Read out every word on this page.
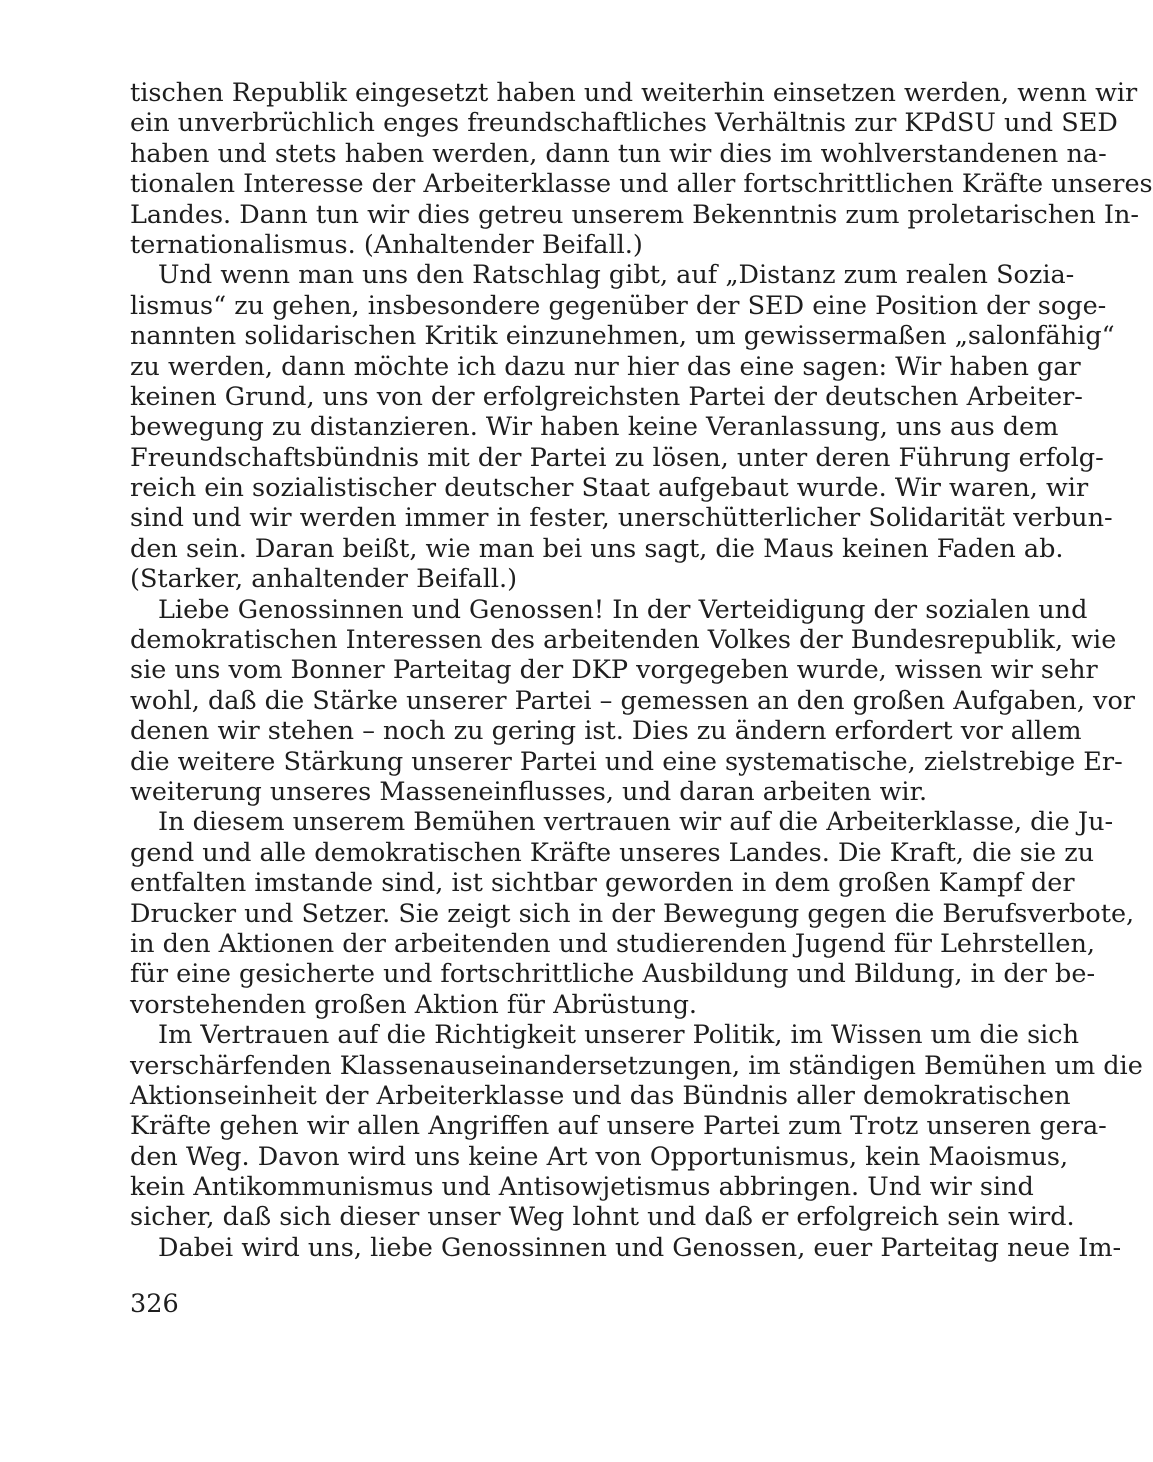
tischen Republik eingesetzt haben und weiterhin einsetzen werden, wenn wir
ein unverbrüchlich enges freundschaftliches Verhältnis zur KPdSU und SED
haben und stets haben werden, dann tun wir dies im wohlverstandenen na-
tionalen Interesse der Arbeiterklasse und aller fortschrittlichen Kräfte unseres
Landes. Dann tun wir dies getreu unserem Bekenntnis zum proletarischen In-
ternationalismus. (Anhaltender Beifall.)
Und wenn man uns den Ratschlag gibt, auf „Distanz zum realen Sozia-
lismus“ zu gehen, insbesondere gegenüber der SED eine Position der soge-
nannten solidarischen Kritik einzunehmen, um gewissermaßen „salonfähig“
zu werden, dann möchte ich dazu nur hier das eine sagen: Wir haben gar
keinen Grund, uns von der erfolgreichsten Partei der deutschen Arbeiter-
bewegung zu distanzieren. Wir haben keine Veranlassung, uns aus dem
Freundschaftsbündnis mit der Partei zu lösen, unter deren Führung erfolg-
reich ein sozialistischer deutscher Staat aufgebaut wurde. Wir waren, wir
sind und wir werden immer in fester, unerschütterlicher Solidarität verbun-
den sein. Daran beißt, wie man bei uns sagt, die Maus keinen Faden ab.
(Starker, anhaltender Beifall.)
Liebe Genossinnen und Genossen! In der Verteidigung der sozialen und
demokratischen Interessen des arbeitenden Volkes der Bundesrepublik, wie
sie uns vom Bonner Parteitag der DKP vorgegeben wurde, wissen wir sehr
wohl, daß die Stärke unserer Partei – gemessen an den großen Aufgaben, vor
denen wir stehen – noch zu gering ist. Dies zu ändern erfordert vor allem
die weitere Stärkung unserer Partei und eine systematische, zielstrebige Er-
weiterung unseres Masseneinflusses, und daran arbeiten wir.
In diesem unserem Bemühen vertrauen wir auf die Arbeiterklasse, die Ju-
gend und alle demokratischen Kräfte unseres Landes. Die Kraft, die sie zu
entfalten imstande sind, ist sichtbar geworden in dem großen Kampf der
Drucker und Setzer. Sie zeigt sich in der Bewegung gegen die Berufsverbote,
in den Aktionen der arbeitenden und studierenden Jugend für Lehrstellen,
für eine gesicherte und fortschrittliche Ausbildung und Bildung, in der be-
vorstehenden großen Aktion für Abrüstung.
Im Vertrauen auf die Richtigkeit unserer Politik, im Wissen um die sich
verschärfenden Klassenauseinandersetzungen, im ständigen Bemühen um die
Aktionseinheit der Arbeiterklasse und das Bündnis aller demokratischen
Kräfte gehen wir allen Angriffen auf unsere Partei zum Trotz unseren gera-
den Weg. Davon wird uns keine Art von Opportunismus, kein Maoismus,
kein Antikommunismus und Antisowjetismus abbringen. Und wir sind
sicher, daß sich dieser unser Weg lohnt und daß er erfolgreich sein wird.
Dabei wird uns, liebe Genossinnen und Genossen, euer Parteitag neue Im-
326
